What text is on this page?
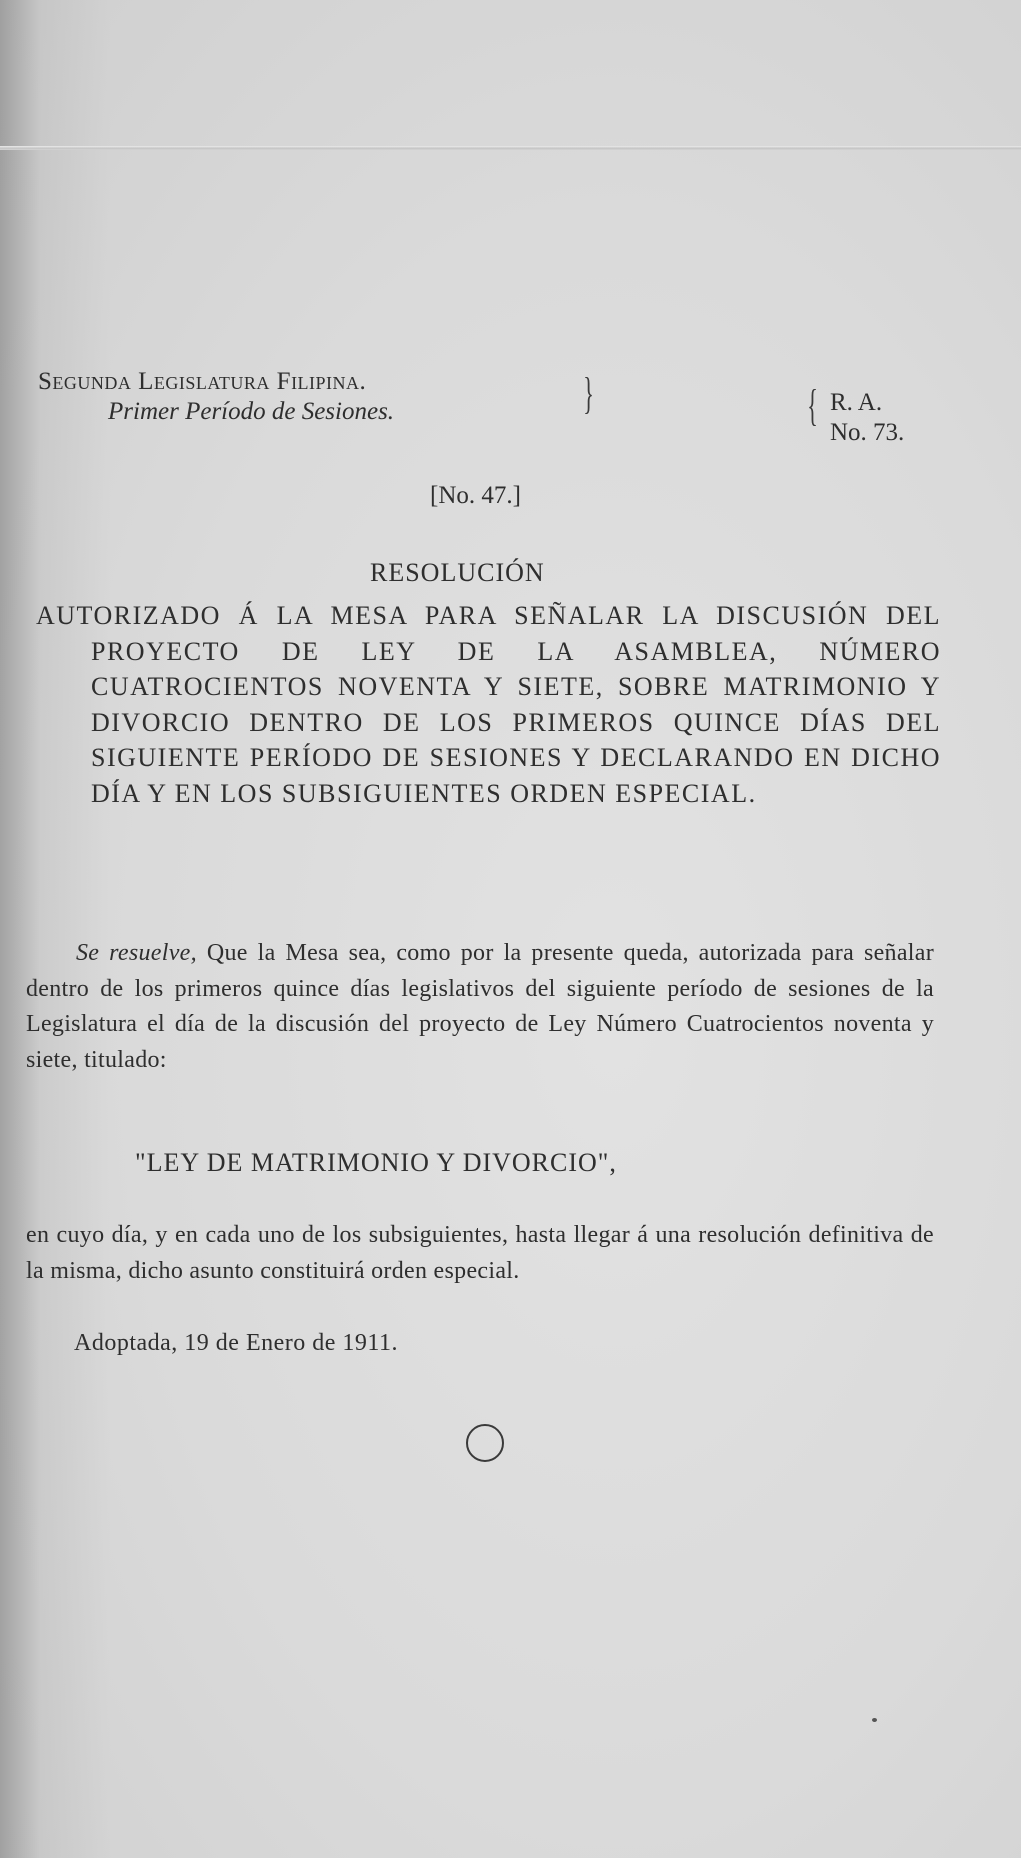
Segunda Legislatura Filipina.
Primer Período de Sesiones.	}	{ R. A.
No. 73.
[No. 47.]
RESOLUCIÓN
AUTORIZADO Á LA MESA PARA SEÑALAR LA DISCUSIÓN DEL PROYECTO DE LEY DE LA ASAMBLEA, NÚMERO CUATROCIENTOS NOVENTA Y SIETE, SOBRE MATRIMONIO Y DIVORCIO DENTRO DE LOS PRIMEROS QUINCE DÍAS DEL SIGUIENTE PERÍODO DE SESIONES Y DECLARANDO EN DICHO DÍA Y EN LOS SUBSIGUIENTES ORDEN ESPECIAL.
Se resuelve, Que la Mesa sea, como por la presente queda, autorizada para señalar dentro de los primeros quince días legislativos del siguiente período de sesiones de la Legislatura el día de la discusión del proyecto de Ley Número Cuatrocientos noventa y siete, titulado:
"LEY DE MATRIMONIO Y DIVORCIO",
en cuyo día, y en cada uno de los subsiguientes, hasta llegar á una resolución definitiva de la misma, dicho asunto constituirá orden especial.
Adoptada, 19 de Enero de 1911.
